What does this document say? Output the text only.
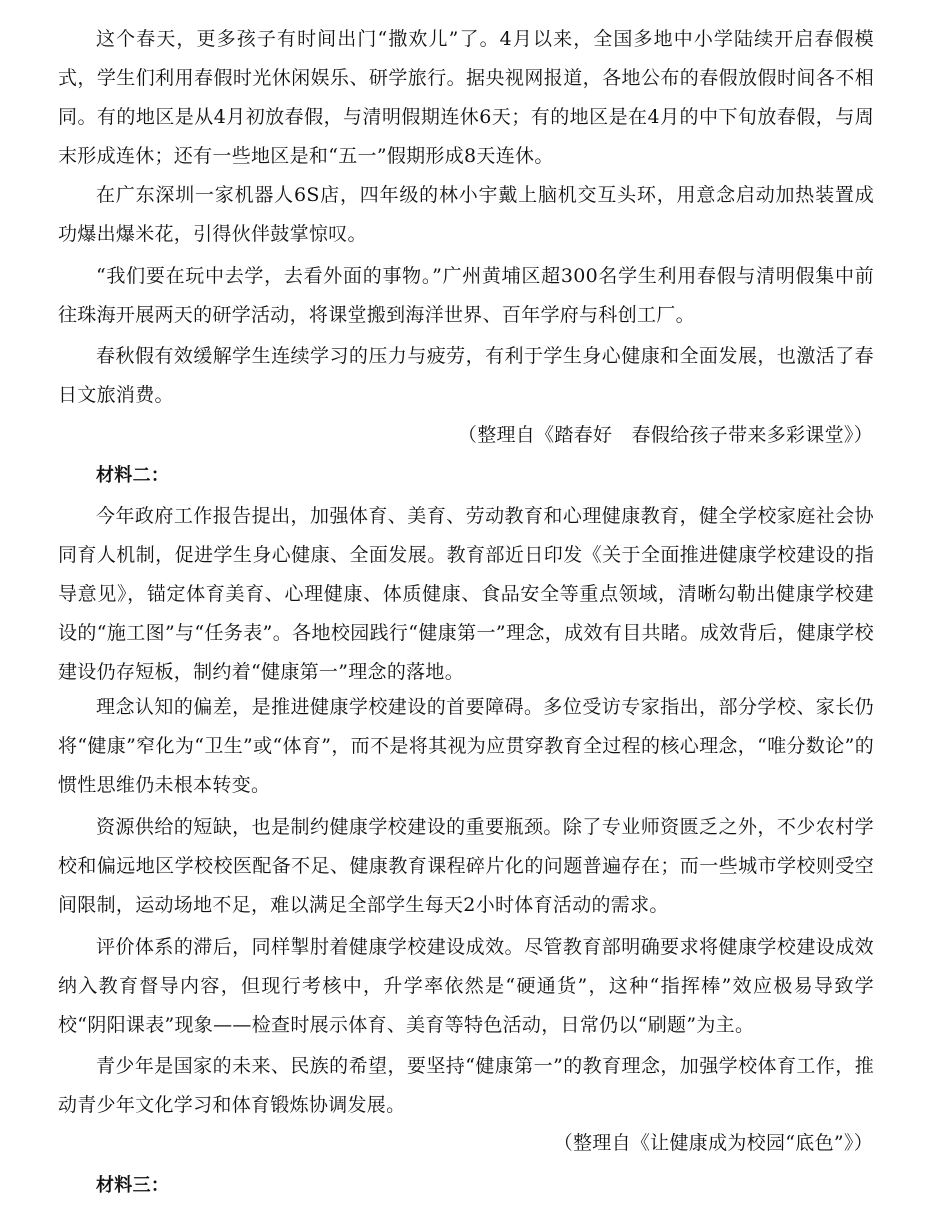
这个春天，更多孩子有时间出门“撒欢儿”了。4月以来，全国多地中小学陆续开启春假模式，学生们利用春假时光休闲娱乐、研学旅行。据央视网报道，各地公布的春假放假时间各不相同。有的地区是从4月初放春假，与清明假期连休6天；有的地区是在4月的中下旬放春假，与周末形成连休；还有一些地区是和“五一”假期形成8天连休。
在广东深圳一家机器人6S店，四年级的林小宇戴上脑机交互头环，用意念启动加热装置成功爆出爆米花，引得伙伴鼓掌惊叹。
“我们要在玩中去学，去看外面的事物。”广州黄埔区超300名学生利用春假与清明假集中前往珠海开展两天的研学活动，将课堂搬到海洋世界、百年学府与科创工厂。
春秋假有效缓解学生连续学习的压力与疲劳，有利于学生身心健康和全面发展，也激活了春日文旅消费。
（整理自《踏春好　春假给孩子带来多彩课堂》）
材料二：
今年政府工作报告提出，加强体育、美育、劳动教育和心理健康教育，健全学校家庭社会协同育人机制，促进学生身心健康、全面发展。教育部近日印发《关于全面推进健康学校建设的指导意见》，锚定体育美育、心理健康、体质健康、食品安全等重点领域，清晰勾勒出健康学校建设的“施工图”与“任务表”。各地校园践行“健康第一”理念，成效有目共睹。成效背后，健康学校建设仍存短板，制约着“健康第一”理念的落地。
理念认知的偏差，是推进健康学校建设的首要障碍。多位受访专家指出，部分学校、家长仍将“健康”窄化为“卫生”或“体育”，而不是将其视为应贯穿教育全过程的核心理念，“唯分数论”的惯性思维仍未根本转变。
资源供给的短缺，也是制约健康学校建设的重要瓶颈。除了专业师资匮乏之外，不少农村学校和偏远地区学校校医配备不足、健康教育课程碎片化的问题普遍存在；而一些城市学校则受空间限制，运动场地不足，难以满足全部学生每天2小时体育活动的需求。
评价体系的滞后，同样掣肘着健康学校建设成效。尽管教育部明确要求将健康学校建设成效纳入教育督导内容，但现行考核中，升学率依然是“硬通货”，这种“指挥棒”效应极易导致学校“阴阳课表”现象——检查时展示体育、美育等特色活动，日常仍以“刷题”为主。
青少年是国家的未来、民族的希望，要坚持“健康第一”的教育理念，加强学校体育工作，推动青少年文化学习和体育锻炼协调发展。
（整理自《让健康成为校园“底色”》）
材料三：
